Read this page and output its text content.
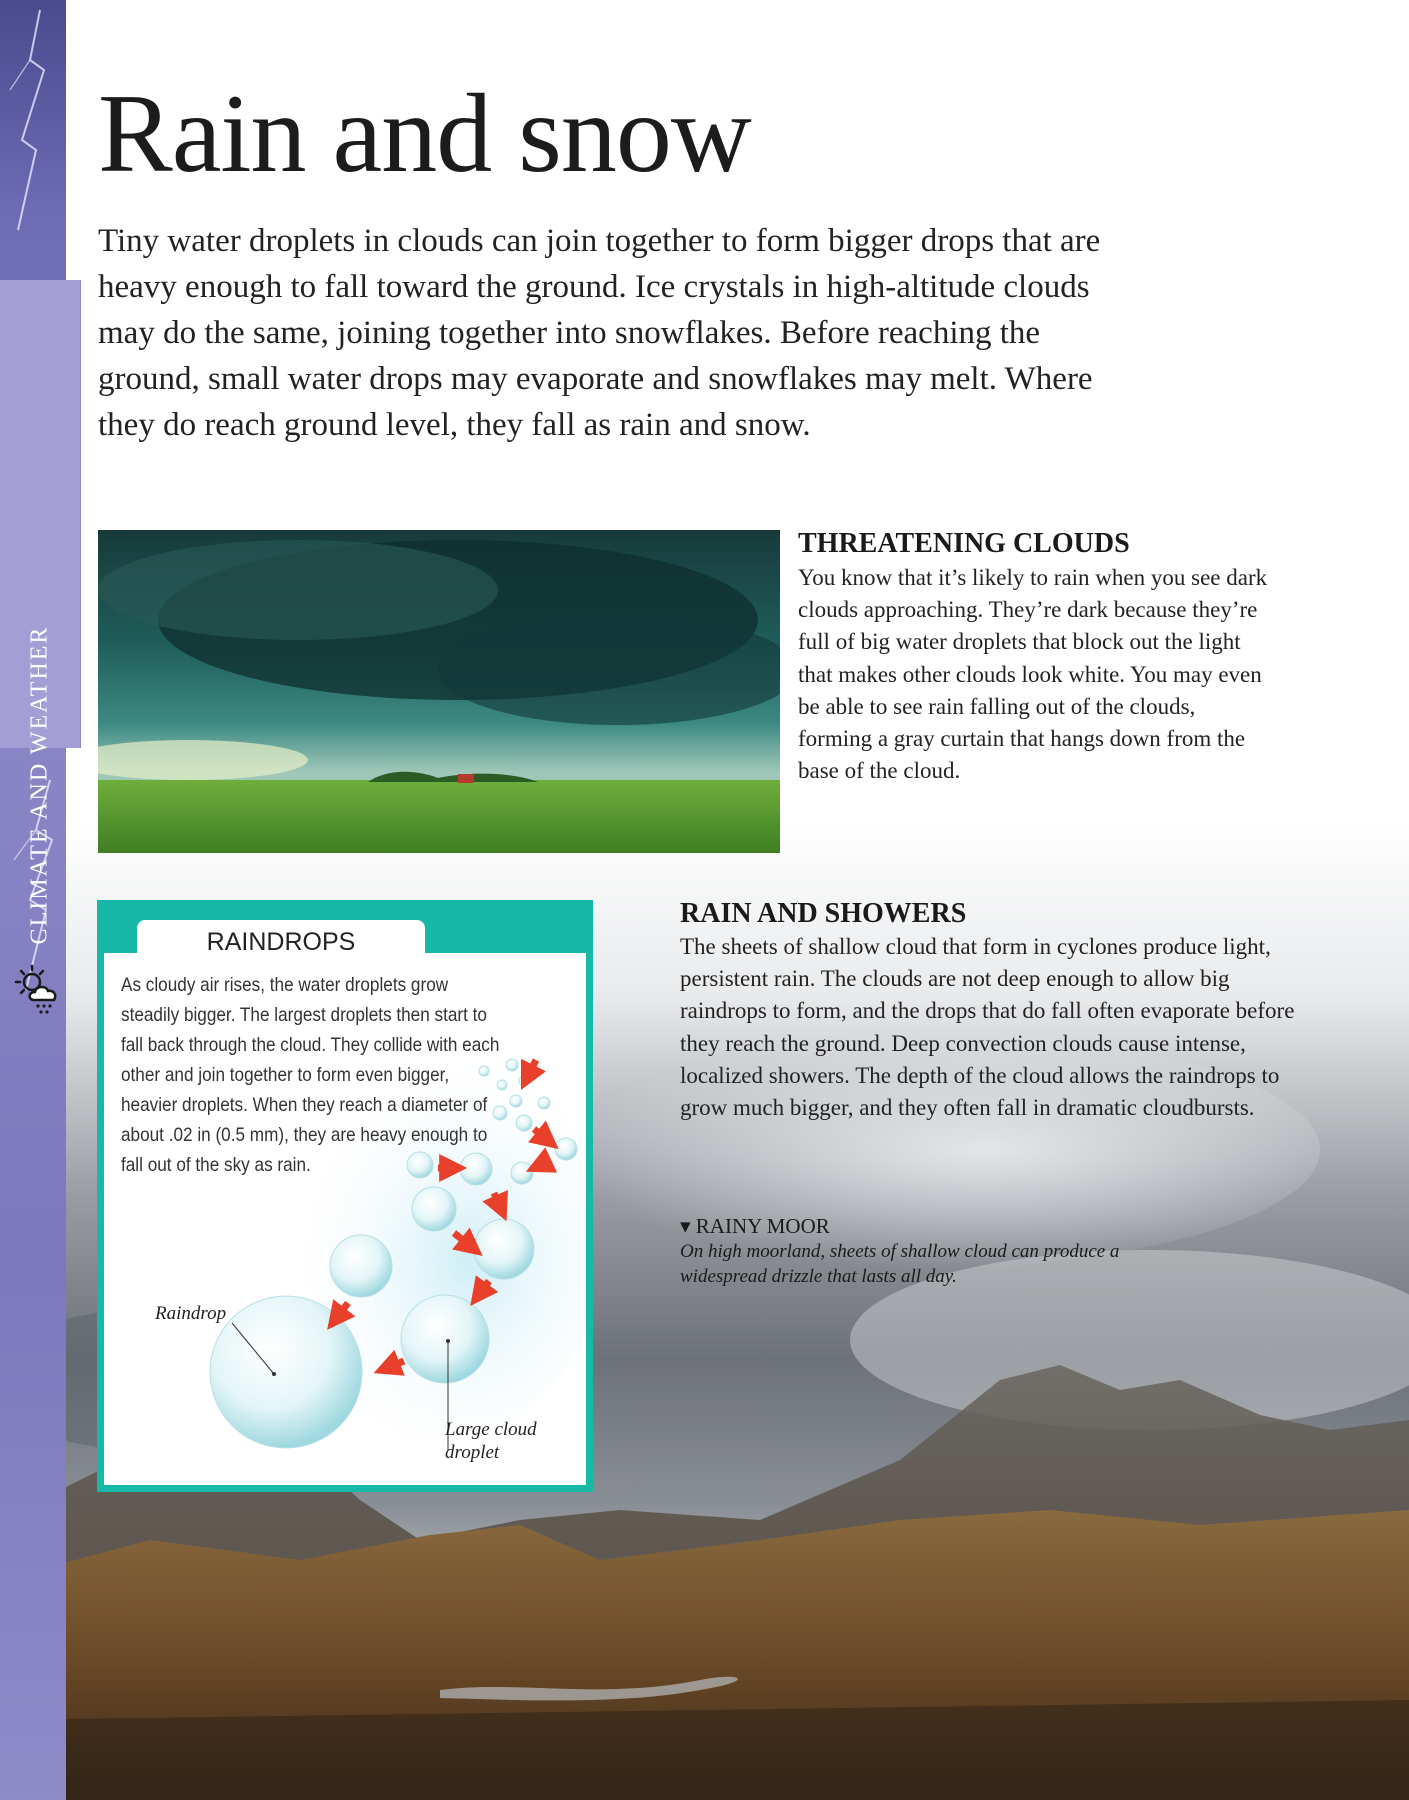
CLIMATE AND WEATHER
Rain and snow

Tiny water droplets in clouds can join together to form bigger drops that are heavy enough to fall toward the ground. Ice crystals in high-altitude clouds may do the same, joining together into snowflakes. Before reaching the ground, small water drops may evaporate and snowflakes may melt. Where they do reach ground level, they fall as rain and snow.

THREATENING CLOUDS

You know that it’s likely to rain when you see dark clouds approaching. They’re dark because they’re full of big water droplets that block out the light that makes other clouds look white. You may even be able to see rain falling out of the clouds, forming a gray curtain that hangs down from the base of the cloud.

RAINDROPS

As cloudy air rises, the water droplets grow steadily bigger. The largest droplets then start to fall back through the cloud. They collide with each other and join together to form even bigger, heavier droplets. When they reach a diameter of about .02 in (0.5 mm), they are heavy enough to fall out of the sky as rain.

Raindrop
Large cloud droplet
RAIN AND SHOWERS

The sheets of shallow cloud that form in cyclones produce light, persistent rain. The clouds are not deep enough to allow big raindrops to form, and the drops that do fall often evaporate before they reach the ground. Deep convection clouds cause intense, localized showers. The depth of the cloud allows the raindrops to grow much bigger, and they often fall in dramatic cloudbursts.

▾ RAINY MOOR
On high moorland, sheets of shallow cloud can produce a widespread drizzle that lasts all day.
